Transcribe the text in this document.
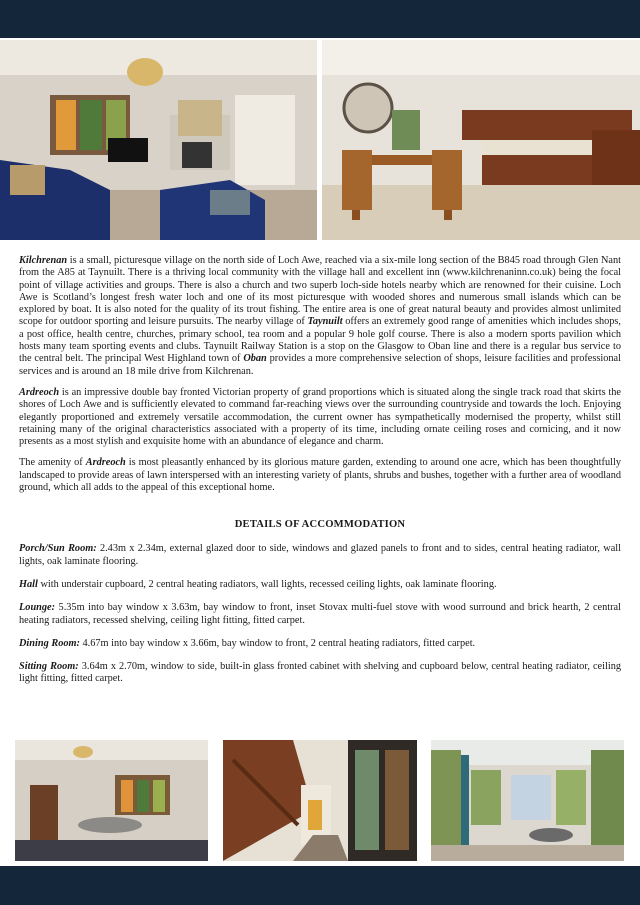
Kilchrenan is a small, picturesque village on the north side of Loch Awe, reached via a six-mile long section of the B845 road through Glen Nant from the A85 at Taynuilt. There is a thriving local community with the village hall and excellent inn (www.kilchrenaninn.co.uk) being the focal point of village activities and groups. There is also a church and two superb loch-side hotels nearby which are renowned for their cuisine. Loch Awe is Scotland’s longest fresh water loch and one of its most picturesque with wooded shores and numerous small islands which can be explored by boat. It is also noted for the quality of its trout fishing. The entire area is one of great natural beauty and provides almost unlimited scope for outdoor sporting and leisure pursuits. The nearby village of Taynuilt offers an extremely good range of amenities which includes shops, a post office, health centre, churches, primary school, tea room and a popular 9 hole golf course. There is also a modern sports pavilion which hosts many team sporting events and clubs. Taynuilt Railway Station is a stop on the Glasgow to Oban line and there is a regular bus service to the central belt. The principal West Highland town of Oban provides a more comprehensive selection of shops, leisure facilities and professional services and is around an 18 mile drive from Kilchrenan.

Ardreoch is an impressive double bay fronted Victorian property of grand proportions which is situated along the single track road that skirts the shores of Loch Awe and is sufficiently elevated to command far-reaching views over the surrounding countryside and towards the loch. Enjoying elegantly proportioned and extremely versatile accommodation, the current owner has sympathetically modernised the property, whilst still retaining many of the original characteristics associated with a property of its time, including ornate ceiling roses and cornicing, and it now presents as a most stylish and exquisite home with an abundance of elegance and charm.

The amenity of Ardreoch is most pleasantly enhanced by its glorious mature garden, extending to around one acre, which has been thoughtfully landscaped to provide areas of lawn interspersed with an interesting variety of plants, shrubs and bushes, together with a further area of woodland ground, which all adds to the appeal of this exceptional home.

DETAILS OF ACCOMMODATION

Porch/Sun Room: 2.43m x 2.34m, external glazed door to side, windows and glazed panels to front and to sides, central heating radiator, wall lights, oak laminate flooring.

Hall with understair cupboard, 2 central heating radiators, wall lights, recessed ceiling lights, oak laminate flooring.

Lounge: 5.35m into bay window x 3.63m, bay window to front, inset Stovax multi-fuel stove with wood surround and brick hearth, 2 central heating radiators, recessed shelving, ceiling light fitting, fitted carpet.

Dining Room: 4.67m into bay window x 3.66m, bay window to front, 2 central heating radiators, fitted carpet.

Sitting Room: 3.64m x 2.70m, window to side, built-in glass fronted cabinet with shelving and cupboard below, central heating radiator, ceiling light fitting, fitted carpet.
